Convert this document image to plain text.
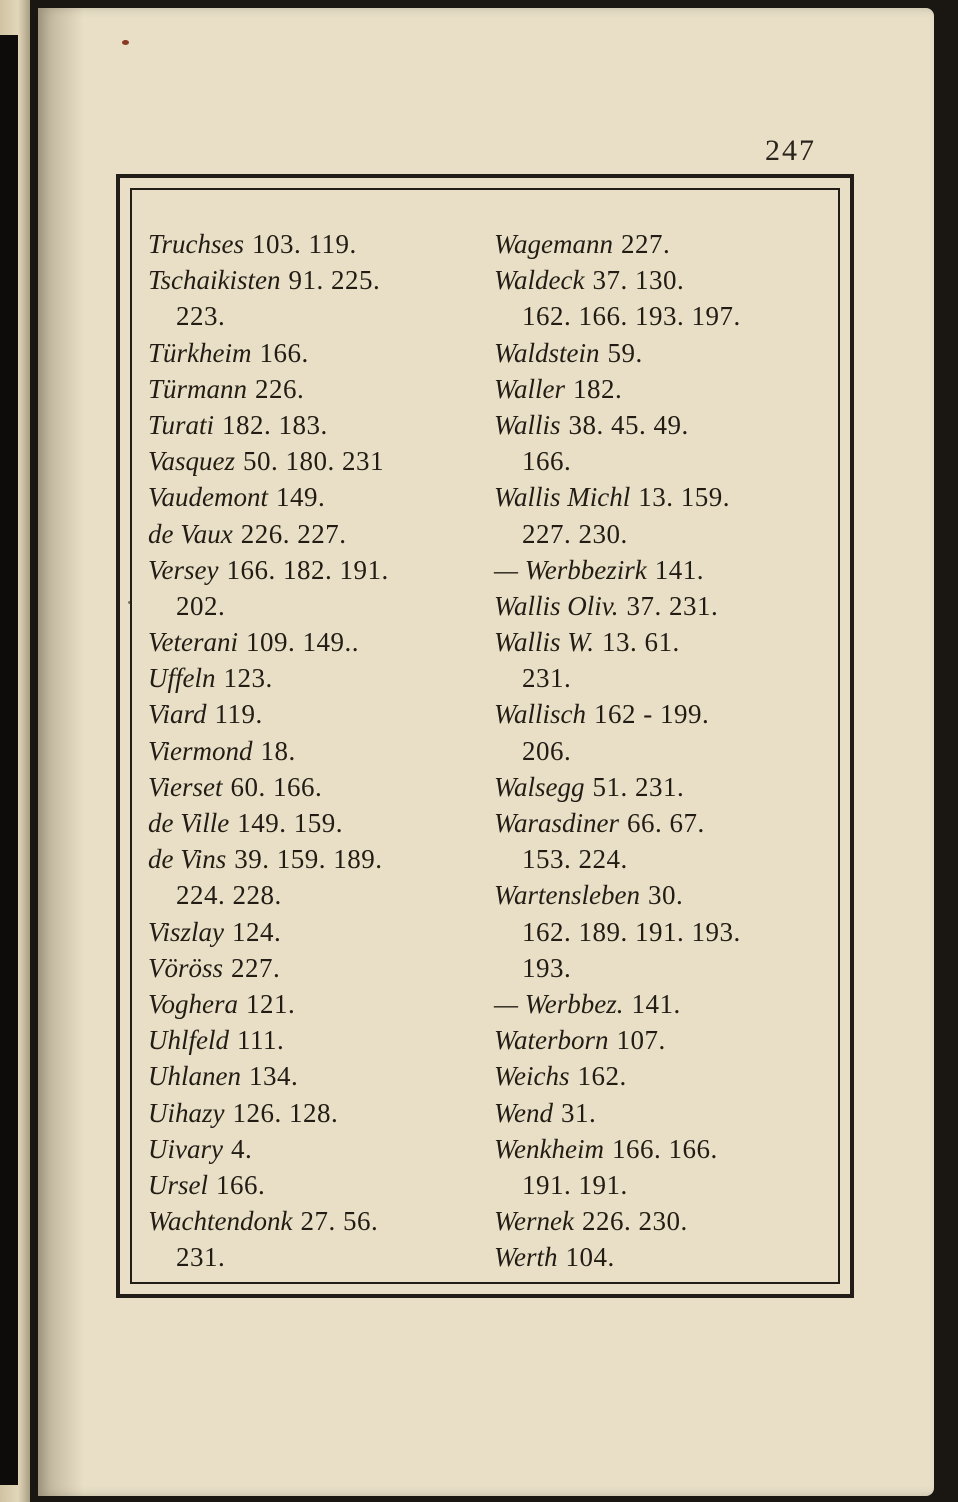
247
Truchses 103. 119.
Tschaikisten 91. 225.
223.
Türkheim 166.
Türmann 226.
Turati 182. 183.
Vasquez 50. 180. 231
Vaudemont 149.
de Vaux 226. 227.
Versey 166. 182. 191.
202.
Veterani 109. 149..
Uffeln 123.
Viard 119.
Viermond 18.
Vierset 60. 166.
de Ville 149. 159.
de Vins 39. 159. 189.
224. 228.
Viszlay 124.
Vöröss 227.
Voghera 121.
Uhlfeld 111.
Uhlanen 134.
Uihazy 126. 128.
Uivary 4.
Ursel 166.
Wachtendonk 27. 56.
231.
Wagemann 227.
Waldeck 37. 130.
162. 166. 193. 197.
Waldstein 59.
Waller 182.
Wallis 38. 45. 49.
166.
Wallis Michl 13. 159.
227. 230.
— Werbbezirk 141.
Wallis Oliv. 37. 231.
Wallis W. 13. 61.
231.
Wallisch 162 - 199.
206.
Walsegg 51. 231.
Warasdiner 66. 67.
153. 224.
Wartensleben 30.
162. 189. 191. 193.
193.
— Werbbez. 141.
Waterborn 107.
Weichs 162.
Wend 31.
Wenkheim 166. 166.
191. 191.
Wernek 226. 230.
Werth 104.
